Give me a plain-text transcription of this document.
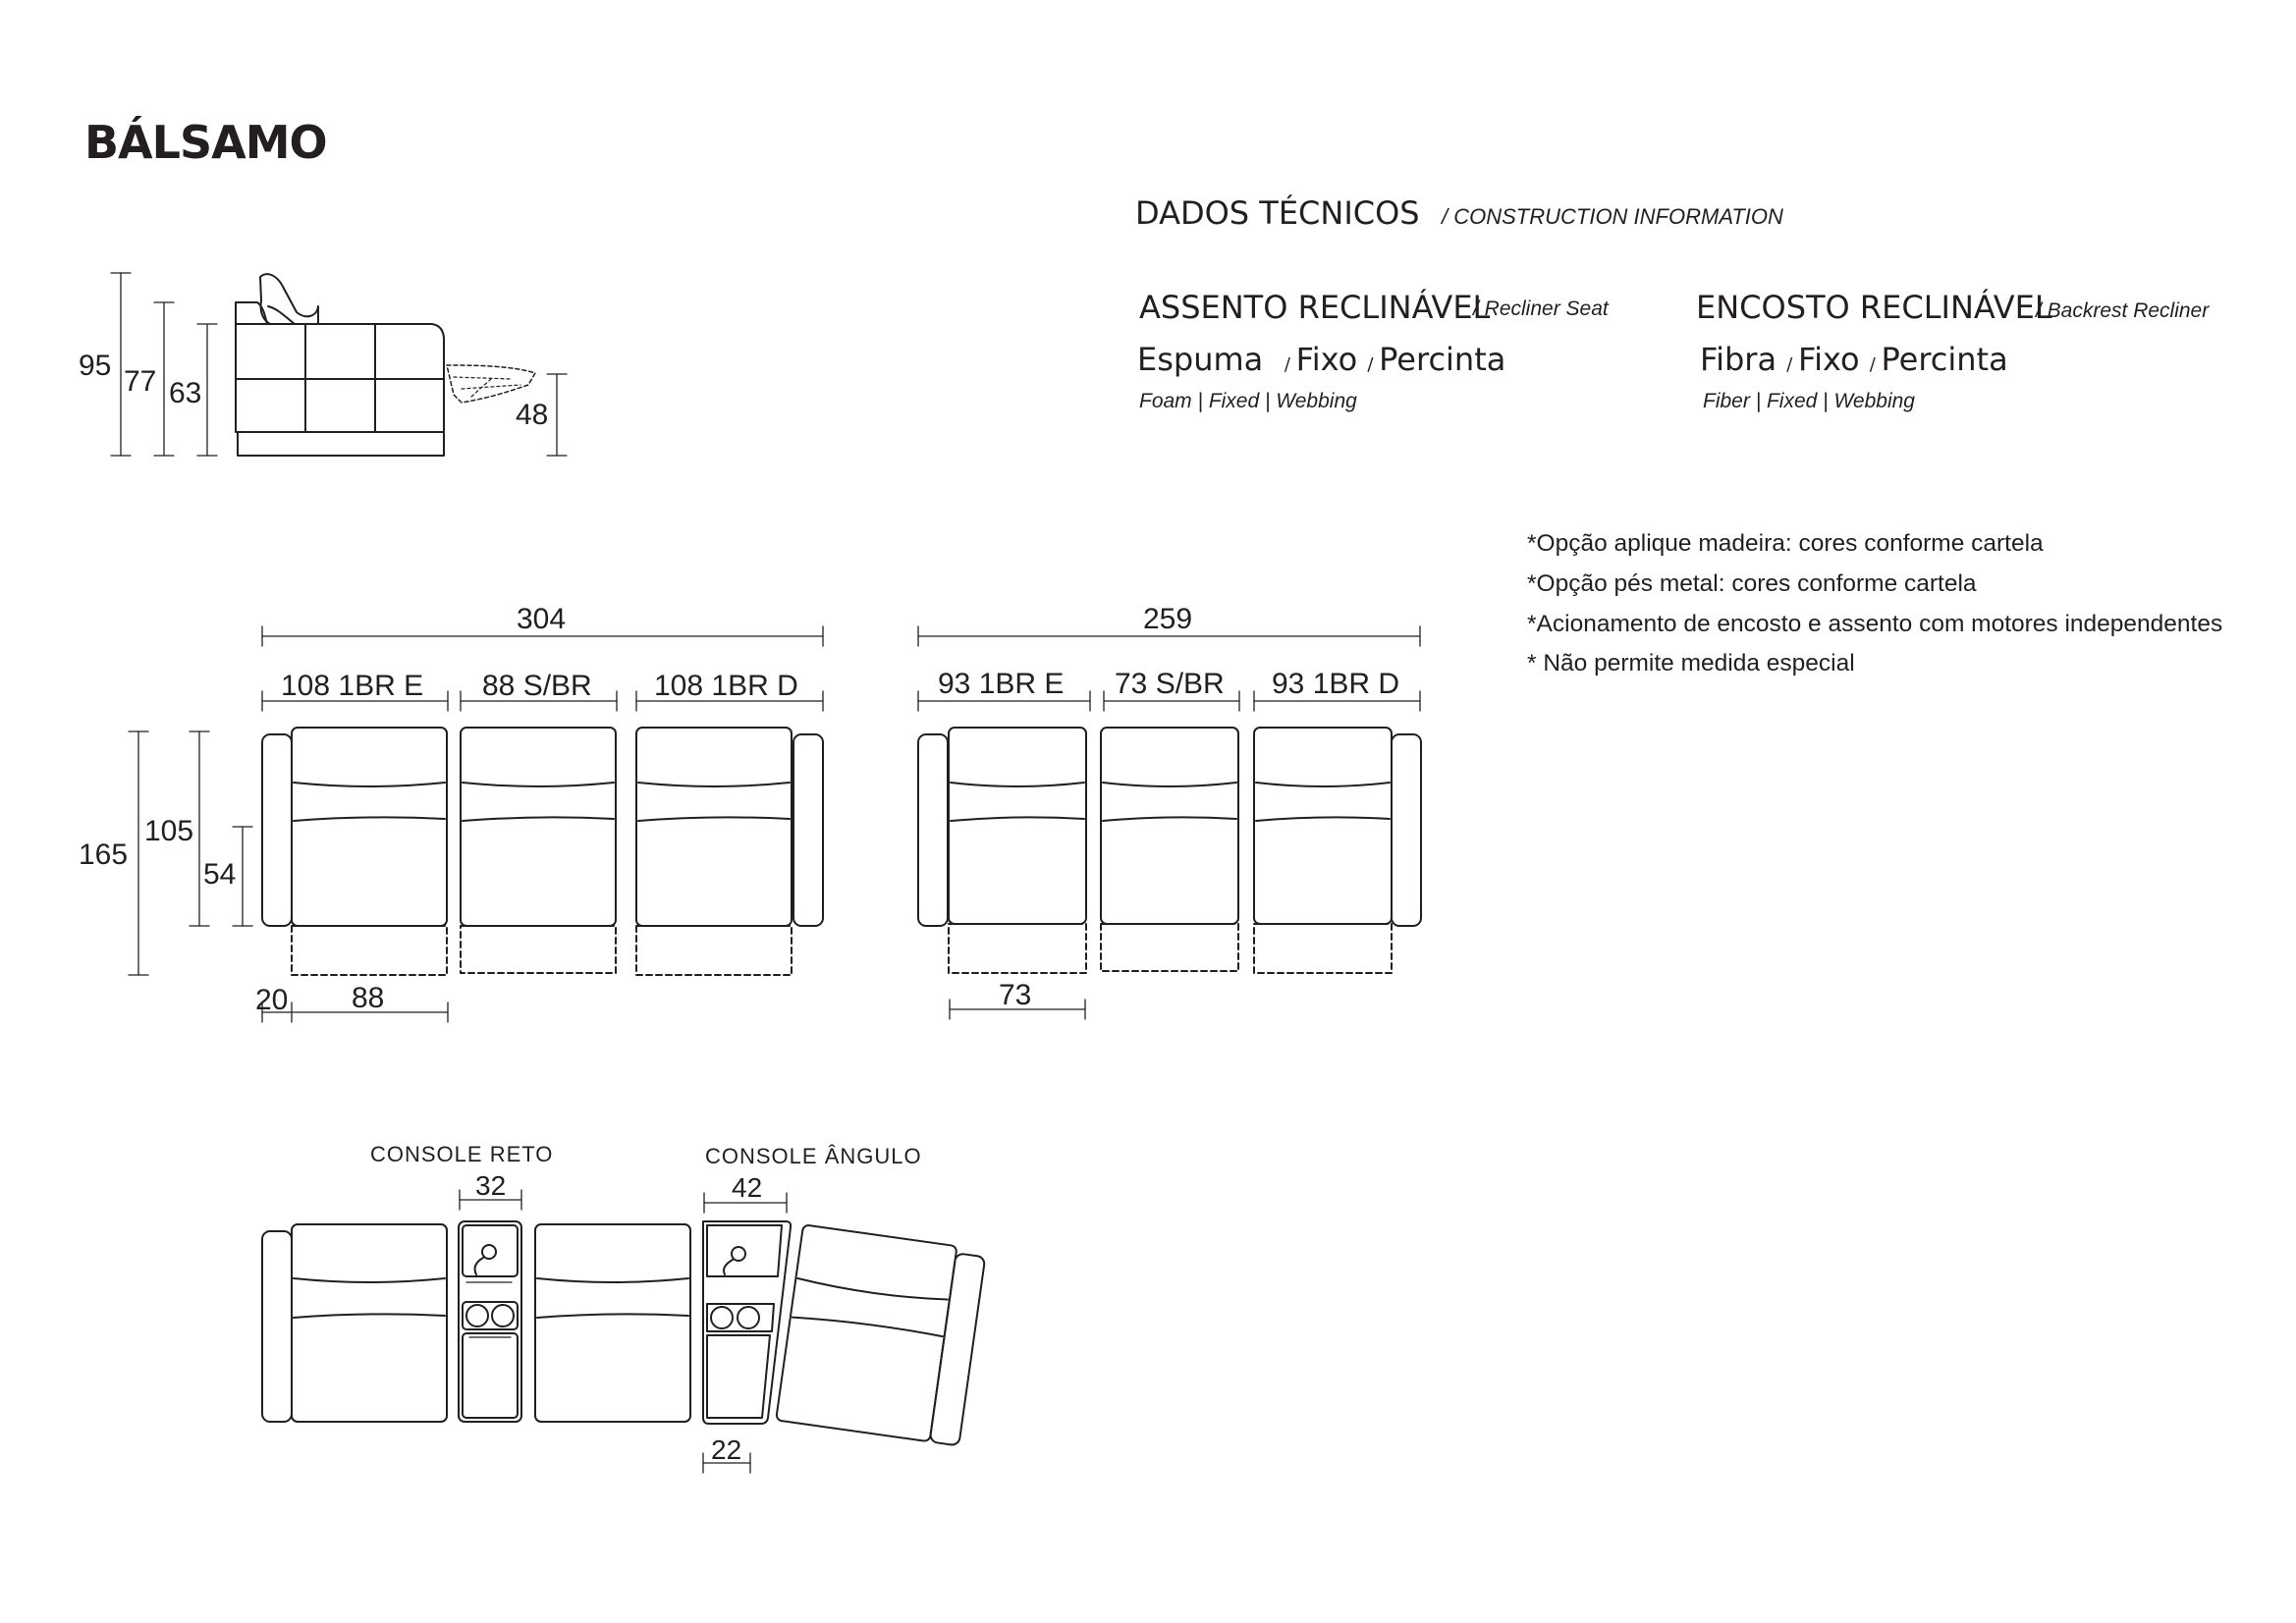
BÁLSAMO
DADOS TÉCNICOS / CONSTRUCTION INFORMATION
ASSENTO RECLINÁVEL
/ Recliner Seat
Espuma   / Fixo / Percinta
Foam | Fixed | Webbing
ENCOSTO RECLINÁVEL
/ Backrest Recliner
Fibra / Fixo / Percinta
Fiber | Fixed | Webbing
*Opção aplique madeira: cores conforme cartela
*Opção pés metal: cores conforme cartela
*Acionamento de encosto e assento com motores independentes
* Não permite medida especial
95 77 63
48
304
108 1BR E 88 S/BR 108 1BR D
165
105
54
20 88
259
93 1BR E 73 S/BR 93 1BR D
73
CONSOLE RETO	CONSOLE ÂNGULO
32	42
22
